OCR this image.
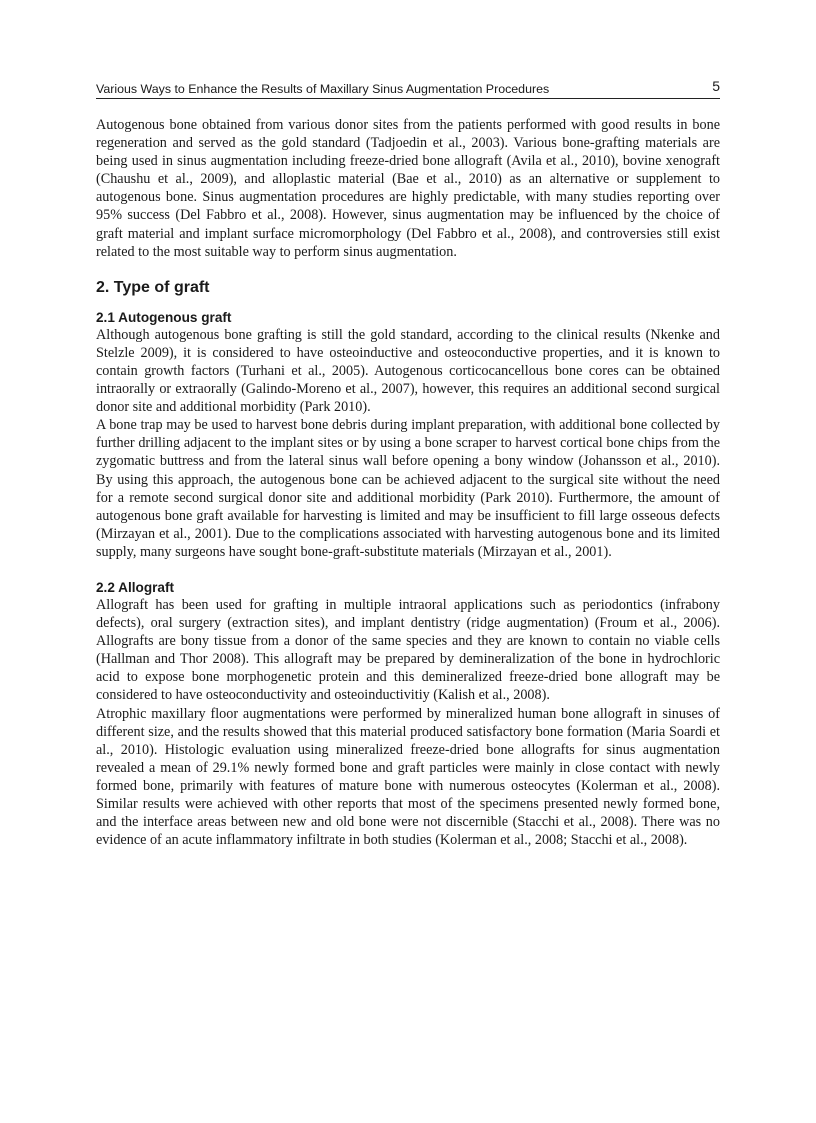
Various Ways to Enhance the Results of Maxillary Sinus Augmentation Procedures	5

Autogenous bone obtained from various donor sites from the patients performed with good results in bone regeneration and served as the gold standard (Tadjoedin et al., 2003). Various bone-grafting materials are being used in sinus augmentation including freeze-dried bone allograft (Avila et al., 2010), bovine xenograft (Chaushu et al., 2009), and alloplastic material (Bae et al., 2010) as an alternative or supplement to autogenous bone. Sinus augmentation procedures are highly predictable, with many studies reporting over 95% success (Del Fabbro et al., 2008). However, sinus augmentation may be influenced by the choice of graft material and implant surface micromorphology (Del Fabbro et al., 2008), and controversies still exist related to the most suitable way to perform sinus augmentation.

2. Type of graft
2.1 Autogenous graft

Although autogenous bone grafting is still the gold standard, according to the clinical results (Nkenke and Stelzle 2009), it is considered to have osteoinductive and osteoconductive properties, and it is known to contain growth factors (Turhani et al., 2005). Autogenous corticocancellous bone cores can be obtained intraorally or extraorally (Galindo-Moreno et al., 2007), however, this requires an additional second surgical donor site and additional morbidity (Park 2010).

A bone trap may be used to harvest bone debris during implant preparation, with additional bone collected by further drilling adjacent to the implant sites or by using a bone scraper to harvest cortical bone chips from the zygomatic buttress and from the lateral sinus wall before opening a bony window (Johansson et al., 2010). By using this approach, the autogenous bone can be achieved adjacent to the surgical site without the need for a remote second surgical donor site and additional morbidity (Park 2010). Furthermore, the amount of autogenous bone graft available for harvesting is limited and may be insufficient to fill large osseous defects (Mirzayan et al., 2001). Due to the complications associated with harvesting autogenous bone and its limited supply, many surgeons have sought bone-graft-substitute materials (Mirzayan et al., 2001).

2.2 Allograft

Allograft has been used for grafting in multiple intraoral applications such as periodontics (infrabony defects), oral surgery (extraction sites), and implant dentistry (ridge augmentation) (Froum et al., 2006). Allografts are bony tissue from a donor of the same species and they are known to contain no viable cells (Hallman and Thor 2008). This allograft may be prepared by demineralization of the bone in hydrochloric acid to expose bone morphogenetic protein and this demineralized freeze-dried bone allograft may be considered to have osteoconductivity and osteoinductivitiy (Kalish et al., 2008).

Atrophic maxillary floor augmentations were performed by mineralized human bone allograft in sinuses of different size, and the results showed that this material produced satisfactory bone formation (Maria Soardi et al., 2010). Histologic evaluation using mineralized freeze-dried bone allografts for sinus augmentation revealed a mean of 29.1% newly formed bone and graft particles were mainly in close contact with newly formed bone, primarily with features of mature bone with numerous osteocytes (Kolerman et al., 2008). Similar results were achieved with other reports that most of the specimens presented newly formed bone, and the interface areas between new and old bone were not discernible (Stacchi et al., 2008). There was no evidence of an acute inflammatory infiltrate in both studies (Kolerman et al., 2008; Stacchi et al., 2008).
